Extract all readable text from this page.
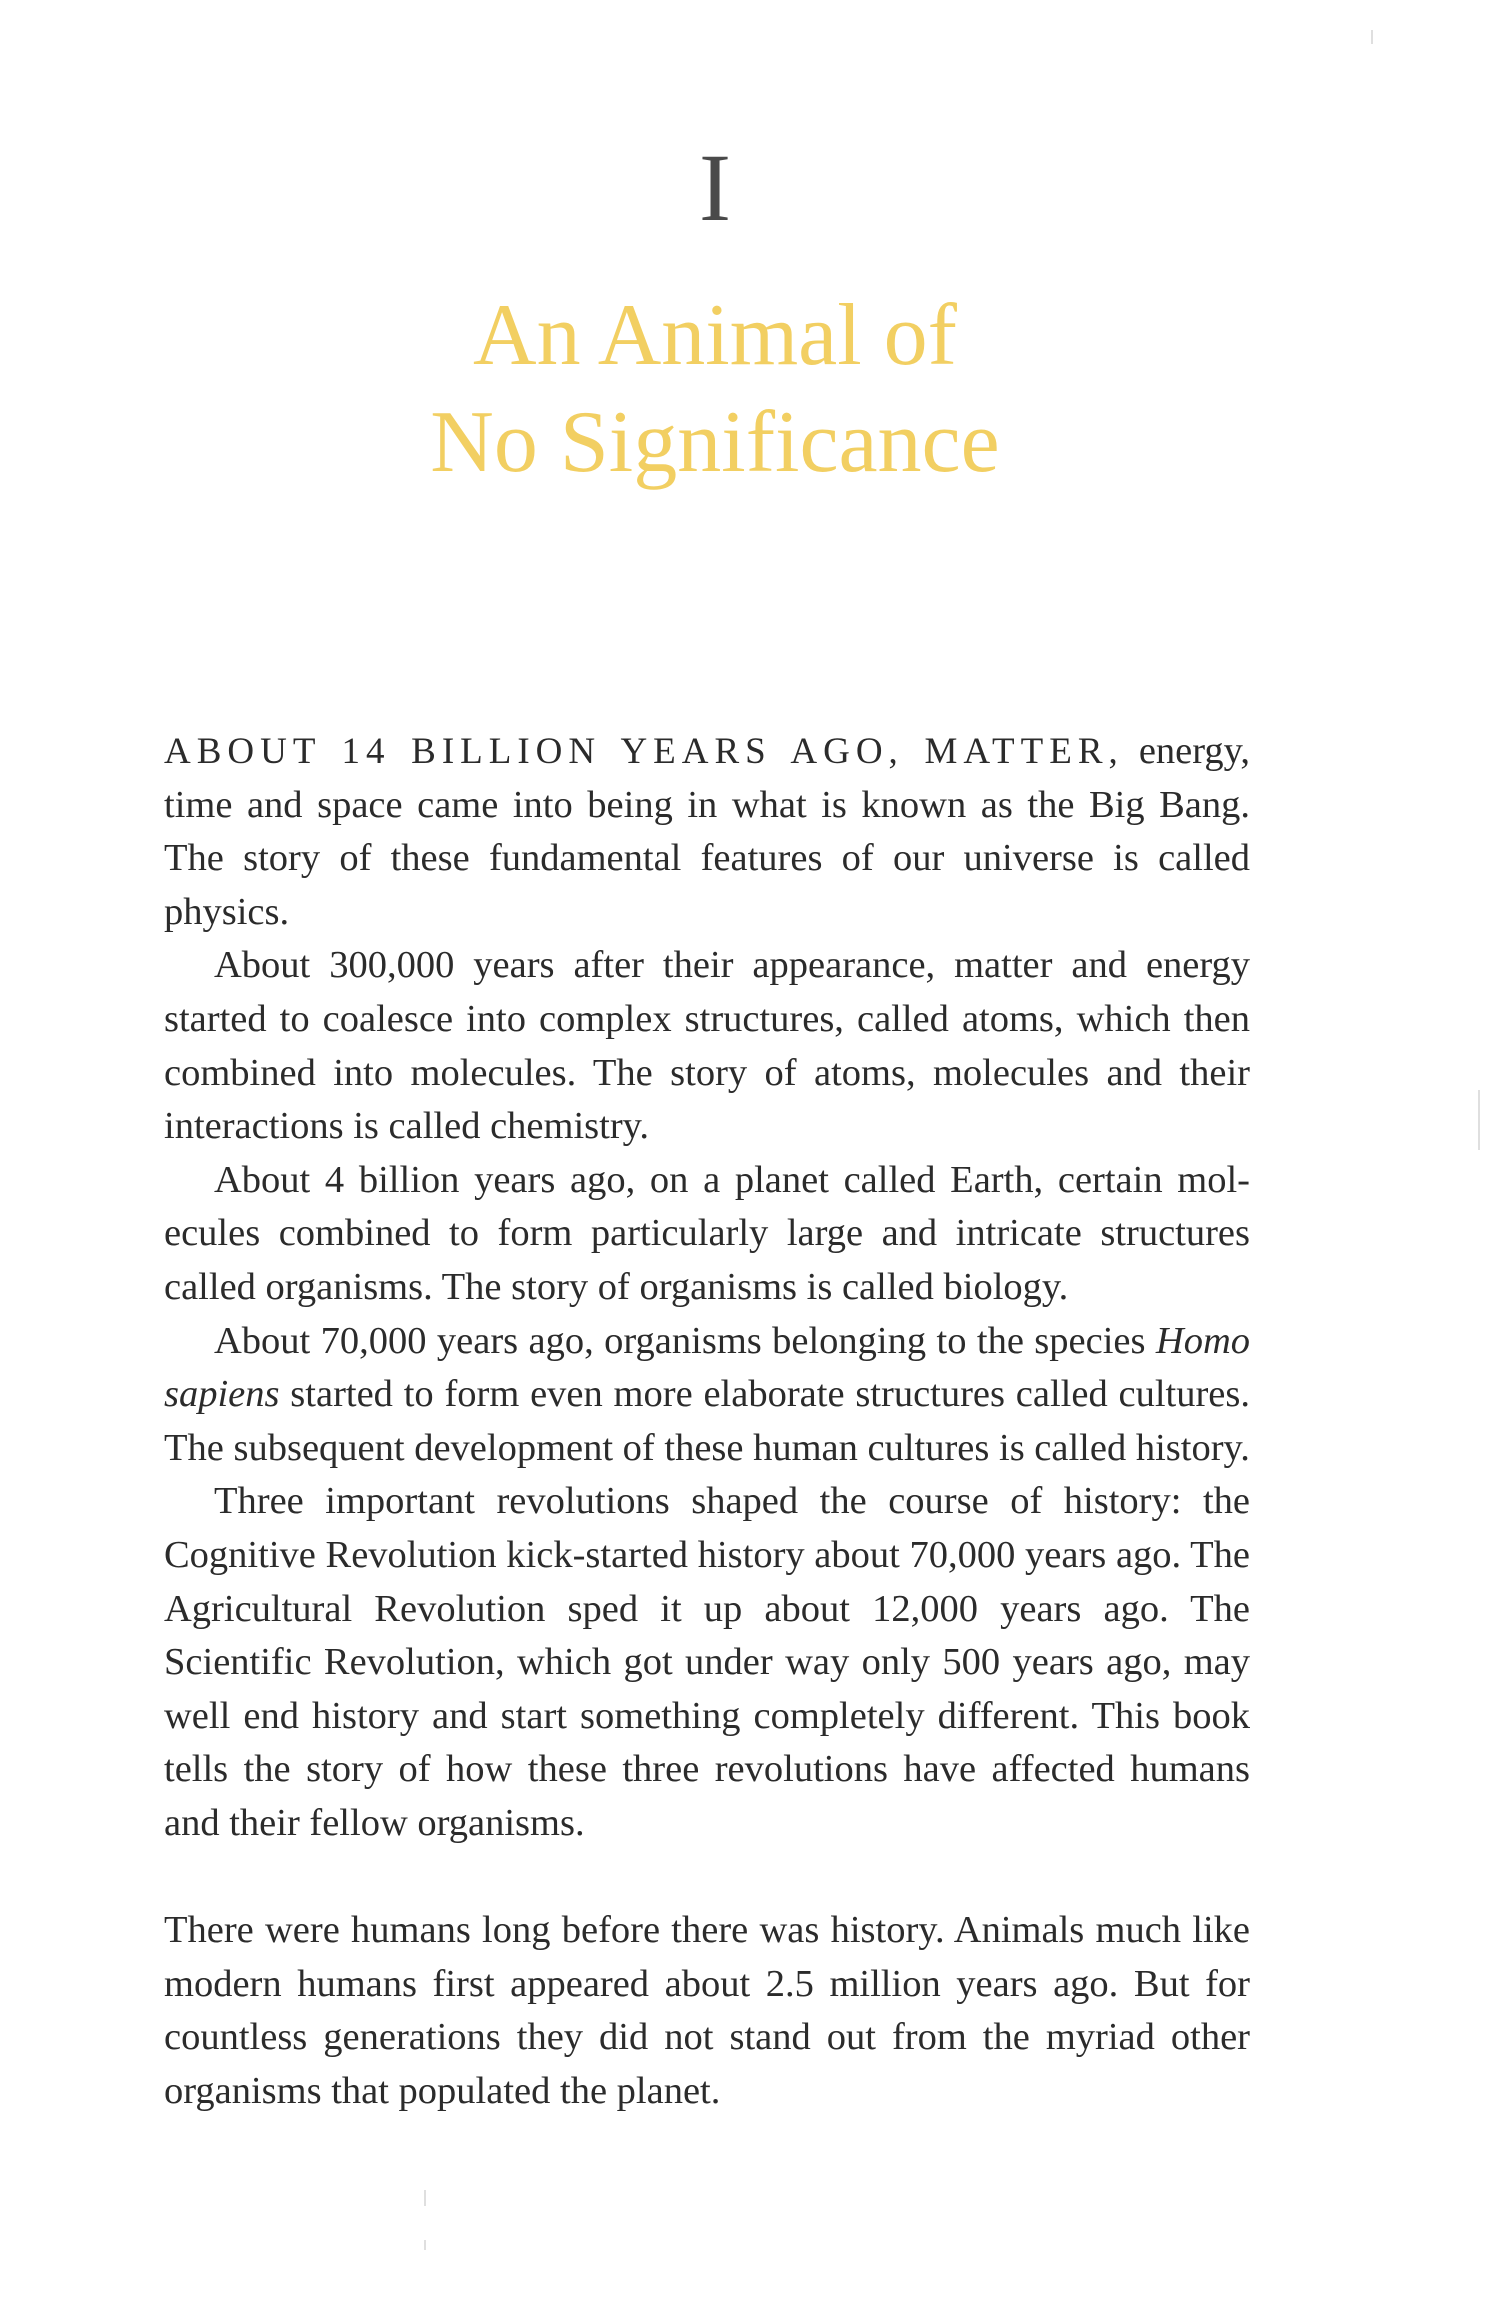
I
An Animal of
No Significance

ABOUT 14 BILLION YEARS AGO, MATTER, energy, time and space came into being in what is known as the Big Bang. The story of these fundamental features of our universe is called physics.

About 300,000 years after their appearance, matter and energy started to coalesce into complex structures, called atoms, which then combined into molecules. The story of atoms, molecules and their interactions is called chemistry.

About 4 billion years ago, on a planet called Earth, certain molecules combined to form particularly large and intricate structures called organisms. The story of organisms is called biology.

About 70,000 years ago, organisms belonging to the species Homo sapiens started to form even more elaborate structures called cultures. The subsequent development of these human cultures is called history.

Three important revolutions shaped the course of history: the Cognitive Revolution kick-started history about 70,000 years ago. The Agricultural Revolution sped it up about 12,000 years ago. The Scientific Revolution, which got under way only 500 years ago, may well end history and start something completely different. This book tells the story of how these three revolutions have affected humans and their fellow organisms.

There were humans long before there was history. Animals much like modern humans first appeared about 2.5 million years ago. But for countless generations they did not stand out from the myriad other organisms that populated the planet.
